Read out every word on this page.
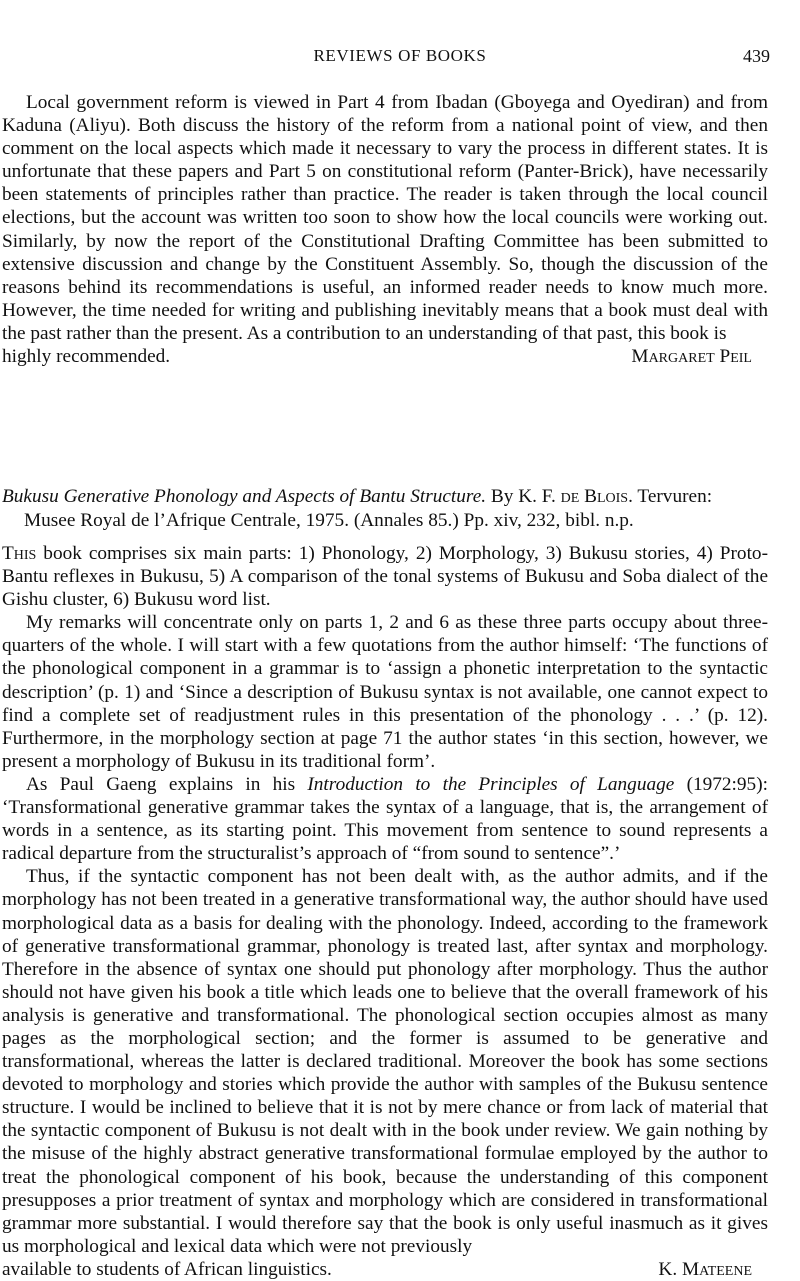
REVIEWS OF BOOKS	439

Local government reform is viewed in Part 4 from Ibadan (Gboyega and Oyediran) and from Kaduna (Aliyu). Both discuss the history of the reform from a national point of view, and then comment on the local aspects which made it necessary to vary the process in different states. It is unfortunate that these papers and Part 5 on constitutional reform (Panter-Brick), have necessarily been statements of principles rather than practice. The reader is taken through the local council elections, but the account was written too soon to show how the local councils were working out. Similarly, by now the report of the Constitutional Drafting Committee has been submitted to extensive discussion and change by the Constituent Assembly. So, though the discussion of the reasons behind its recommendations is useful, an informed reader needs to know much more. However, the time needed for writing and publishing inevitably means that a book must deal with the past rather than the present. As a contribution to an understanding of that past, this book is

highly recommended.	Margaret Peil

Bukusu Generative Phonology and Aspects of Bantu Structure. By K. F. de Blois. Tervuren:
Musee Royal de l’Afrique Centrale, 1975. (Annales 85.) Pp. xiv, 232, bibl. n.p.

This book comprises six main parts: 1) Phonology, 2) Morphology, 3) Bukusu stories, 4) Proto-Bantu reflexes in Bukusu, 5) A comparison of the tonal systems of Bukusu and Soba dialect of the Gishu cluster, 6) Bukusu word list.

My remarks will concentrate only on parts 1, 2 and 6 as these three parts occupy about three-quarters of the whole. I will start with a few quotations from the author himself: ‘The functions of the phonological component in a grammar is to ‘assign a phonetic interpretation to the syntactic description’ (p. 1) and ‘Since a description of Bukusu syntax is not available, one cannot expect to find a complete set of readjustment rules in this presentation of the phonology . . .’ (p. 12). Furthermore, in the morphology section at page 71 the author states ‘in this section, however, we present a morphology of Bukusu in its traditional form’.

As Paul Gaeng explains in his Introduction to the Principles of Language (1972:95): ‘Transformational generative grammar takes the syntax of a language, that is, the arrangement of words in a sentence, as its starting point. This movement from sentence to sound represents a radical departure from the structuralist’s approach of “from sound to sentence”.’

Thus, if the syntactic component has not been dealt with, as the author admits, and if the morphology has not been treated in a generative transformational way, the author should have used morphological data as a basis for dealing with the phonology. Indeed, according to the framework of generative transformational grammar, phonology is treated last, after syntax and morphology. Therefore in the absence of syntax one should put phonology after morphology. Thus the author should not have given his book a title which leads one to believe that the overall framework of his analysis is generative and transformational. The phonological section occupies almost as many pages as the morphological section; and the former is assumed to be generative and transformational, whereas the latter is declared traditional. Moreover the book has some sections devoted to morphology and stories which provide the author with samples of the Bukusu sentence structure. I would be inclined to believe that it is not by mere chance or from lack of material that the syntactic component of Bukusu is not dealt with in the book under review. We gain nothing by the misuse of the highly abstract generative transformational formulae employed by the author to treat the phonological component of his book, because the understanding of this component presupposes a prior treatment of syntax and morphology which are considered in transformational grammar more substantial. I would therefore say that the book is only useful inasmuch as it gives us morphological and lexical data which were not previously

available to students of African linguistics.	K. Mateene
